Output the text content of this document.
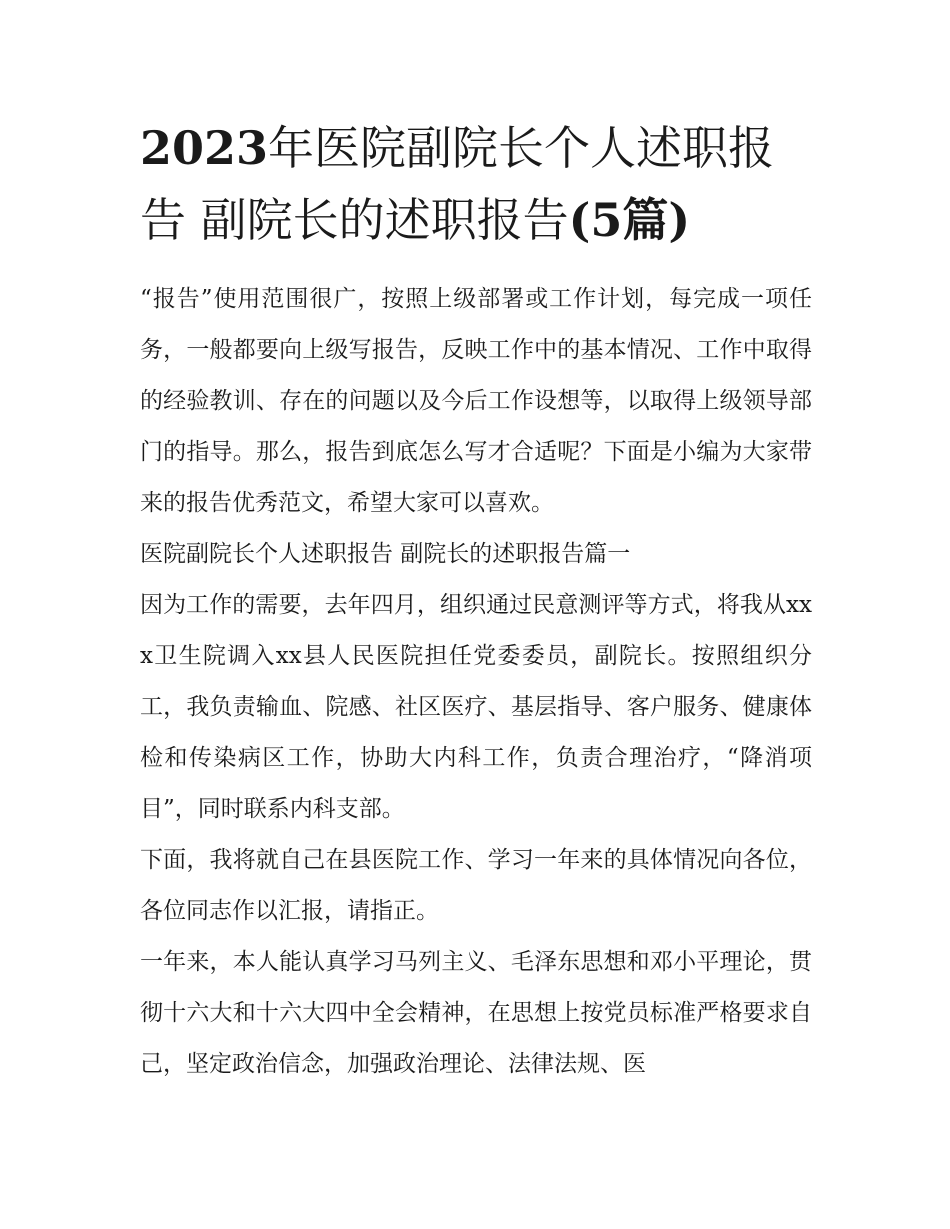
2023年医院副院长个人述职报告 副院长的述职报告(5篇)

“报告”使用范围很广，按照上级部署或工作计划，每完成一项任务，一般都要向上级写报告，反映工作中的基本情况、工作中取得的经验教训、存在的问题以及今后工作设想等，以取得上级领导部门的指导。那么，报告到底怎么写才合适呢？下面是小编为大家带来的报告优秀范文，希望大家可以喜欢。

医院副院长个人述职报告 副院长的述职报告篇一

因为工作的需要，去年四月，组织通过民意测评等方式，将我从xxx卫生院调入xx县人民医院担任党委委员，副院长。按照组织分工，我负责输血、院感、社区医疗、基层指导、客户服务、健康体检和传染病区工作，协助大内科工作，负责合理治疗，“降消项目”，同时联系内科支部。

下面，我将就自己在县医院工作、学习一年来的具体情况向各位，各位同志作以汇报，请指正。

一年来，本人能认真学习马列主义、毛泽东思想和邓小平理论，贯彻十六大和十六大四中全会精神，在思想上按党员标准严格要求自己，坚定政治信念，加强政治理论、法律法规、医
